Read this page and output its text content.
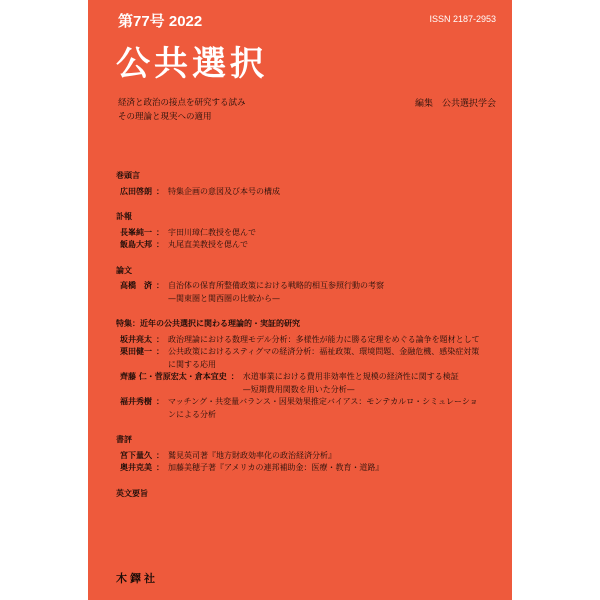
第77号 2022	ISSN 2187-2953
公共選択
経済と政治の接点を研究する試み
その理論と現実への適用
編集　公共選択学会
巻頭言
広田啓朗 ： 特集企画の意図及び本号の構成
訃報
長峯純一 ： 宇田川璋仁教授を偲んで
飯島大邦 ： 丸尾直美教授を偲んで
論文
高橋　済 ： 自治体の保育所整備政策における戦略的相互参照行動の考察
—関東圏と関西圏の比較から—
特集：近年の公共選択に関わる理論的・実証的研究
坂井亮太 ： 政治理論における数理モデル分析：多様性が能力に勝る定理をめぐる論争を題材として
栗田健一 ： 公共政策におけるスティグマの経済分析：福祉政策、環境問題、金融危機、感染症対策
に関する応用
齊藤 仁・菅原宏太・倉本宜史 ： 水道事業における費用非効率性と規模の経済性に関する検証
—短期費用関数を用いた分析—
福井秀樹 ： マッチング・共変量バランス・因果効果推定バイアス：モンテカルロ・シミュレーショ
ンによる分析
書評
宮下量久 ： 鷲見英司著『地方財政効率化の政治経済分析』
奥井克美 ： 加藤美穂子著『アメリカの連邦補助金：医療・教育・道路』
英文要旨
木鐸社
